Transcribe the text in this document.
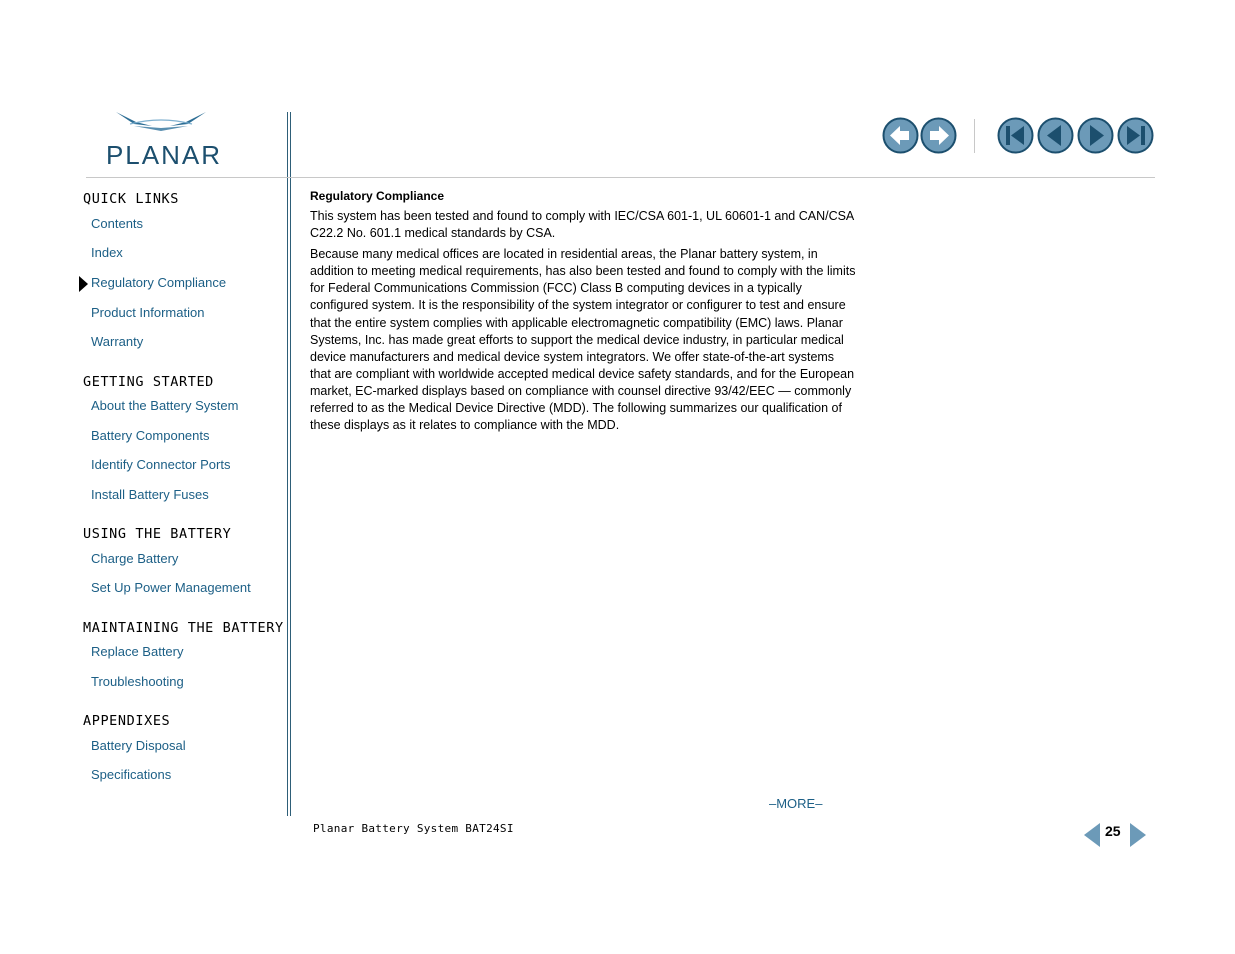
PLANAR
QUICK LINKS
Contents
Index
Regulatory Compliance
Product Information
Warranty
GETTING STARTED
About the Battery System
Battery Components
Identify Connector Ports
Install Battery Fuses
USING THE BATTERY
Charge Battery
Set Up Power Management
MAINTAINING THE BATTERY
Replace Battery
Troubleshooting
APPENDIXES
Battery Disposal
Specifications
Regulatory Compliance

This system has been tested and found to comply with IEC/CSA 601-1, UL 60601-1 and CAN/CSA C22.2 No. 601.1 medical standards by CSA.

Because many medical offices are located in residential areas, the Planar battery system, in addition to meeting medical requirements, has also been tested and found to comply with the limits for Federal Communications Commission (FCC) Class B computing devices in a typically configured system. It is the responsibility of the system integrator or configurer to test and ensure that the entire system complies with applicable electromagnetic compatibility (EMC) laws. Planar Systems, Inc. has made great efforts to support the medical device industry, in particular medical device manufacturers and medical device system integrators. We offer state-of-the-art systems that are compliant with worldwide accepted medical device safety standards, and for the European market, EC-marked displays based on compliance with counsel directive 93/42/EEC — commonly referred to as the Medical Device Directive (MDD). The following summarizes our qualification of these displays as it relates to compliance with the MDD.

–MORE–
Planar Battery System BAT24SI	25
